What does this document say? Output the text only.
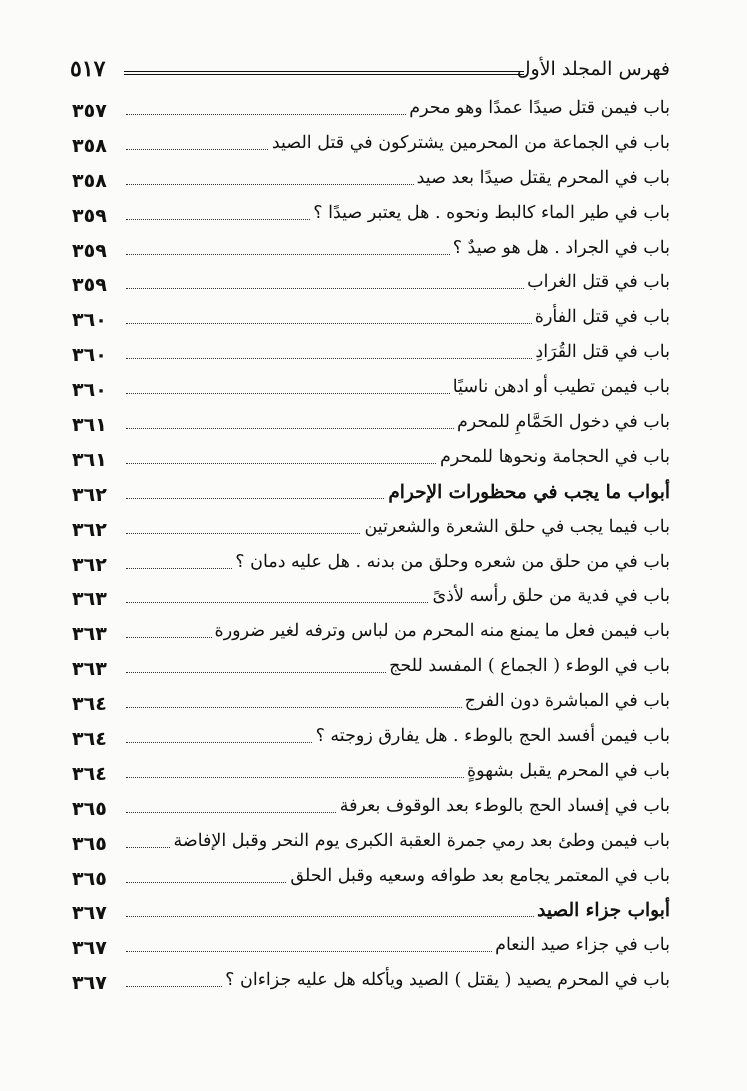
٥١٧	فهرس المجلد الأول
٣٥٧	باب فيمن قتل صيدًا عمدًا وهو محرم
٣٥٨	باب في الجماعة من المحرمين يشتركون في قتل الصيد
٣٥٨	باب في المحرم يقتل صيدًا بعد صيد
٣٥٩	باب في طير الماء كالبط ونحوه . هل يعتبر صيدًا ؟
٣٥٩	باب في الجراد . هل هو صيدٌ ؟
٣٥٩	باب في قتل الغراب
٣٦٠	باب في قتل الفأرة
٣٦٠	باب في قتل القُرَادِ
٣٦٠	باب فيمن تطيب أو ادهن ناسيًا
٣٦١	باب في دخول الحَمَّامِ للمحرم
٣٦١	باب في الحجامة ونحوها للمحرم
٣٦٢	أبواب ما يجب في محظورات الإحرام
٣٦٢	باب فيما يجب في حلق الشعرة والشعرتين
٣٦٢	باب في من حلق من شعره وحلق من بدنه . هل عليه دمان ؟
٣٦٣	باب في فدية من حلق رأسه لأذىً
٣٦٣	باب فيمن فعل ما يمنع منه المحرم من لباس وترفه لغير ضرورة
٣٦٣	باب في الوطء ( الجماع ) المفسد للحج
٣٦٤	باب في المباشرة دون الفرج
٣٦٤	باب فيمن أفسد الحج بالوطء . هل يفارق زوجته ؟
٣٦٤	باب في المحرم يقبل بشهوةٍ
٣٦٥	باب في إفساد الحج بالوطء بعد الوقوف بعرفة
٣٦٥	باب فيمن وطئ بعد رمي جمرة العقبة الكبرى يوم النحر وقبل الإفاضة
٣٦٥	باب في المعتمر يجامع بعد طوافه وسعيه وقبل الحلق
٣٦٧	أبواب جزاء الصيد
٣٦٧	باب في جزاء صيد النعام
٣٦٧	باب في المحرم يصيد ( يقتل ) الصيد ويأكله هل عليه جزاءان ؟
